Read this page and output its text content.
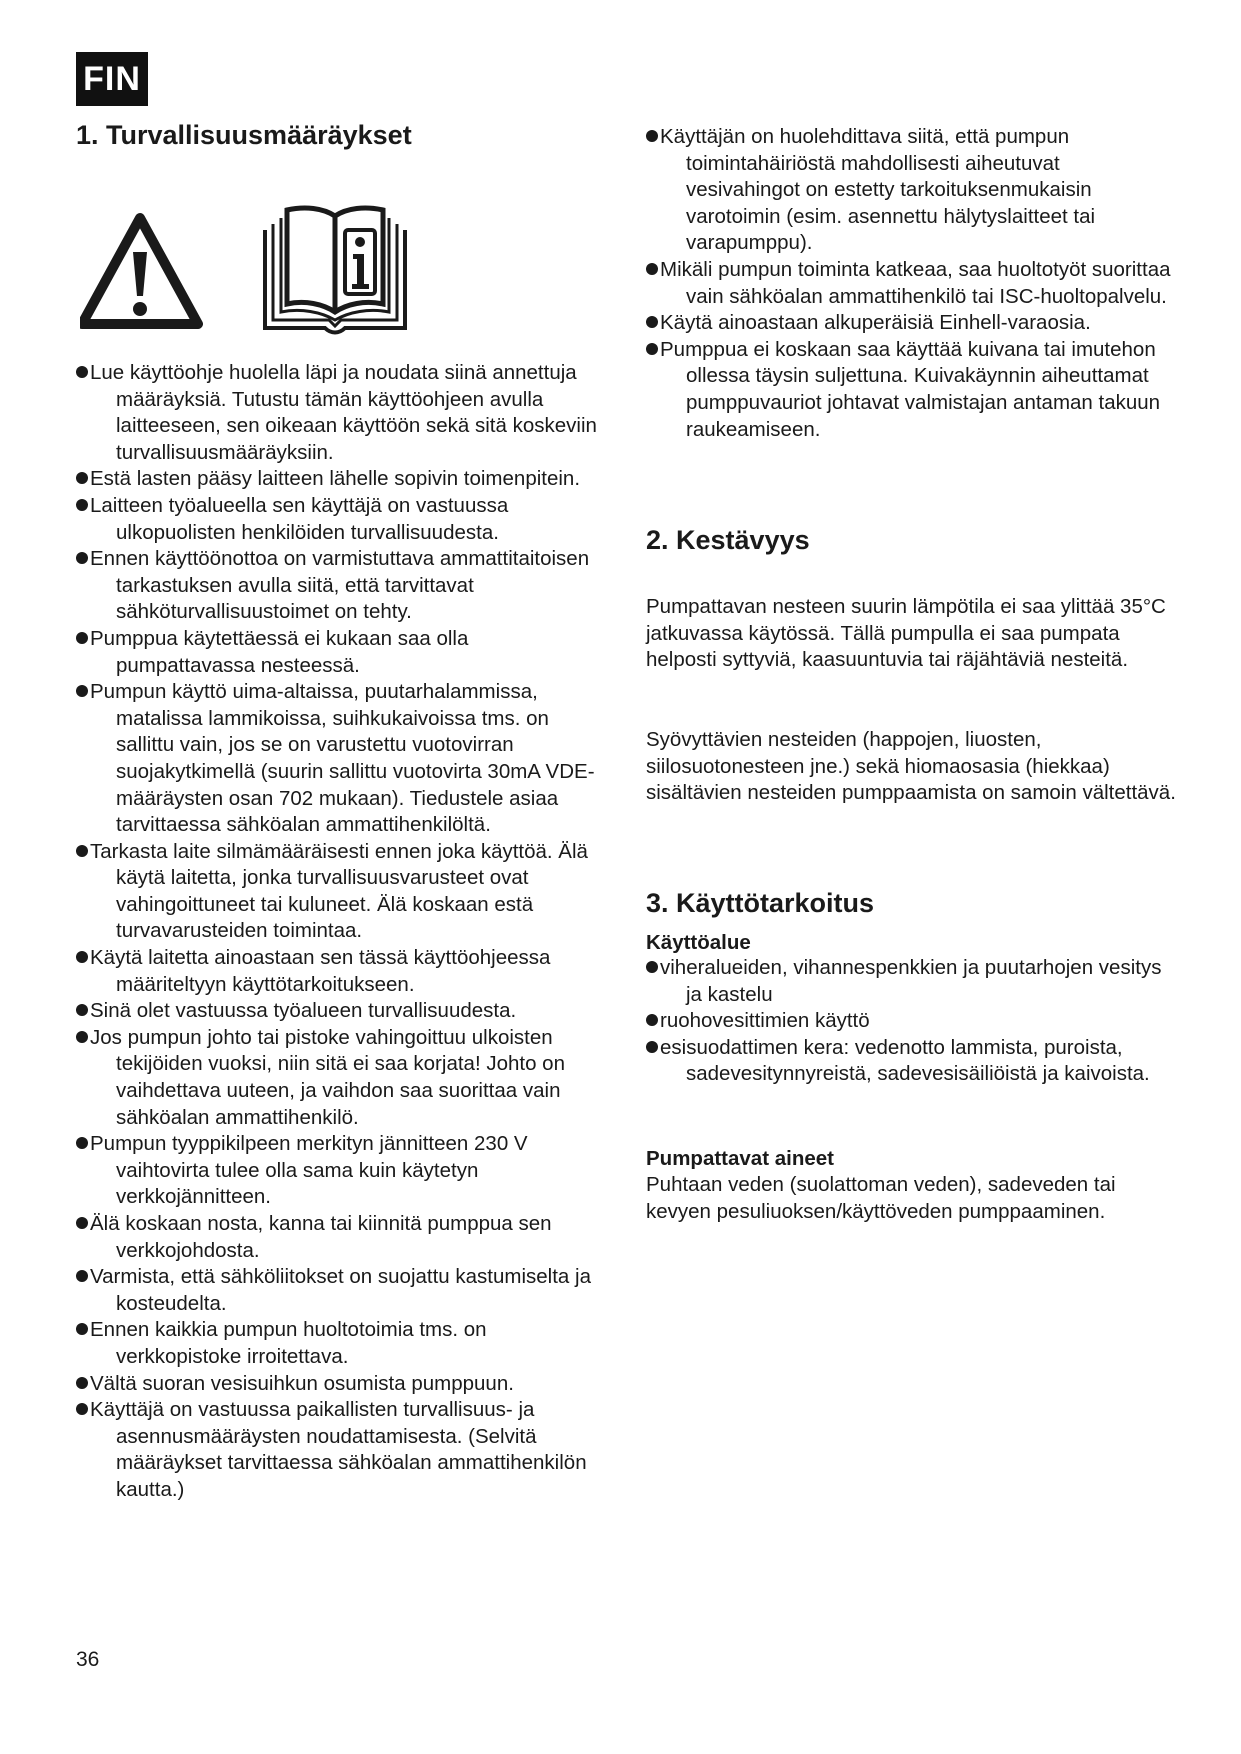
FIN
1. Turvallisuusmääräykset
Lue käyttöohje huolella läpi ja noudata siinä annettuja määräyksiä. Tutustu tämän käyttöohjeen avulla laitteeseen, sen oikeaan käyttöön sekä sitä koskeviin turvallisuusmääräyksiin.
Estä lasten pääsy laitteen lähelle sopivin toimenpitein.
Laitteen työalueella sen käyttäjä on vastuussa ulkopuolisten henkilöiden turvallisuudesta.
Ennen käyttöönottoa on varmistuttava ammattitaitoisen tarkastuksen avulla siitä, että tarvittavat sähköturvallisuustoimet on tehty.
Pumppua käytettäessä ei kukaan saa olla pumpattavassa nesteessä.
Pumpun käyttö uima-altaissa, puutarhalammissa, matalissa lammikoissa, suihkukaivoissa tms. on sallittu vain, jos se on varustettu vuotovirran suojakytkimellä (suurin sallittu vuotovirta 30mA VDE-määräysten osan 702 mukaan). Tiedustele asiaa tarvittaessa sähköalan ammattihenkilöltä.
Tarkasta laite silmämääräisesti ennen joka käyttöä. Älä käytä laitetta, jonka turvallisuusvarusteet ovat vahingoittuneet tai kuluneet. Älä koskaan estä turvavarusteiden toimintaa.
Käytä laitetta ainoastaan sen tässä käyttöohjeessa määriteltyyn käyttötarkoitukseen.
Sinä olet vastuussa työalueen turvallisuudesta.
Jos pumpun johto tai pistoke vahingoittuu ulkoisten tekijöiden vuoksi, niin sitä ei saa korjata! Johto on vaihdettava uuteen, ja vaihdon saa suorittaa vain sähköalan ammattihenkilö.
Pumpun tyyppikilpeen merkityn jännitteen 230 V vaihtovirta tulee olla sama kuin käytetyn verkkojännitteen.
Älä koskaan nosta, kanna tai kiinnitä pumppua sen verkkojohdosta.
Varmista, että sähköliitokset on suojattu kastumiselta ja kosteudelta.
Ennen kaikkia pumpun huoltotoimia tms. on verkkopistoke irroitettava.
Vältä suoran vesisuihkun osumista pumppuun.
Käyttäjä on vastuussa paikallisten turvallisuus- ja asennusmääräysten noudattamisesta. (Selvitä määräykset tarvittaessa sähköalan ammattihenkilön kautta.)
Käyttäjän on huolehdittava siitä, että pumpun toimintahäiriöstä mahdollisesti aiheutuvat vesivahingot on estetty tarkoituksenmukaisin varotoimin (esim. asennettu hälytyslaitteet tai varapumppu).
Mikäli pumpun toiminta katkeaa, saa huoltotyöt suorittaa vain sähköalan ammattihenkilö tai ISC-huoltopalvelu.
Käytä ainoastaan alkuperäisiä Einhell-varaosia.
Pumppua ei koskaan saa käyttää kuivana tai imutehon ollessa täysin suljettuna. Kuivakäynnin aiheuttamat pumppuvauriot johtavat valmistajan antaman takuun raukeamiseen.
2. Kestävyys

Pumpattavan nesteen suurin lämpötila ei saa ylittää 35°C jatkuvassa käytössä. Tällä pumpulla ei saa pumpata helposti syttyviä, kaasuuntuvia tai räjähtäviä nesteitä.

Syövyttävien nesteiden (happojen, liuosten, siilosuotonesteen jne.) sekä hiomaosasia (hiekkaa) sisältävien nesteiden pumppaamista on samoin vältettävä.

3. Käyttötarkoitus
Käyttöalue
viheralueiden, vihannespenkkien ja puutarhojen vesitys ja kastelu
ruohovesittimien käyttö
esisuodattimen kera: vedenotto lammista, puroista, sadevesitynnyreistä, sadevesisäiliöistä ja kaivoista.
Pumpattavat aineet

Puhtaan veden (suolattoman veden), sadeveden tai kevyen pesuliuoksen/käyttöveden pumppaaminen.

36
